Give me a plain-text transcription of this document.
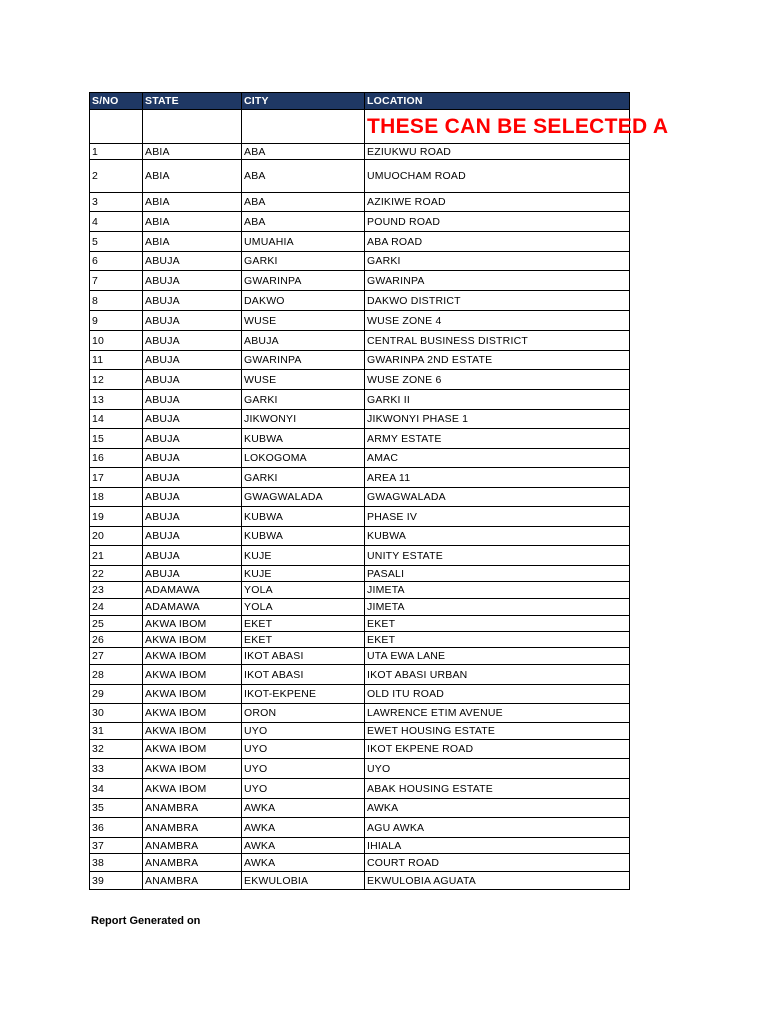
S/NO	STATE	CITY	LOCATION
			THESE CAN BE SELECTED A
1	ABIA	ABA	EZIUKWU ROAD
2	ABIA	ABA	UMUOCHAM ROAD
3	ABIA	ABA	AZIKIWE ROAD
4	ABIA	ABA	POUND ROAD
5	ABIA	UMUAHIA	ABA ROAD
6	ABUJA	GARKI	GARKI
7	ABUJA	GWARINPA	GWARINPA
8	ABUJA	DAKWO	DAKWO DISTRICT
9	ABUJA	WUSE	WUSE ZONE 4
10	ABUJA	ABUJA	CENTRAL BUSINESS DISTRICT
11	ABUJA	GWARINPA	GWARINPA 2ND ESTATE
12	ABUJA	WUSE	WUSE ZONE 6
13	ABUJA	GARKI	GARKI II
14	ABUJA	JIKWONYI	JIKWONYI PHASE 1
15	ABUJA	KUBWA	ARMY ESTATE
16	ABUJA	LOKOGOMA	AMAC
17	ABUJA	GARKI	AREA 11
18	ABUJA	GWAGWALADA	GWAGWALADA
19	ABUJA	KUBWA	PHASE IV
20	ABUJA	KUBWA	KUBWA
21	ABUJA	KUJE	UNITY ESTATE
22	ABUJA	KUJE	PASALI
23	ADAMAWA	YOLA	JIMETA
24	ADAMAWA	YOLA	JIMETA
25	AKWA IBOM	EKET	EKET
26	AKWA IBOM	EKET	EKET
27	AKWA IBOM	IKOT ABASI	UTA EWA LANE
28	AKWA IBOM	IKOT ABASI	IKOT ABASI URBAN
29	AKWA IBOM	IKOT-EKPENE	OLD ITU ROAD
30	AKWA IBOM	ORON	LAWRENCE ETIM AVENUE
31	AKWA IBOM	UYO	EWET HOUSING ESTATE
32	AKWA IBOM	UYO	IKOT EKPENE ROAD
33	AKWA IBOM	UYO	UYO
34	AKWA IBOM	UYO	ABAK HOUSING ESTATE
35	ANAMBRA	AWKA	AWKA
36	ANAMBRA	AWKA	AGU AWKA
37	ANAMBRA	AWKA	IHIALA
38	ANAMBRA	AWKA	COURT ROAD
39	ANAMBRA	EKWULOBIA	EKWULOBIA AGUATA
Report Generated on
